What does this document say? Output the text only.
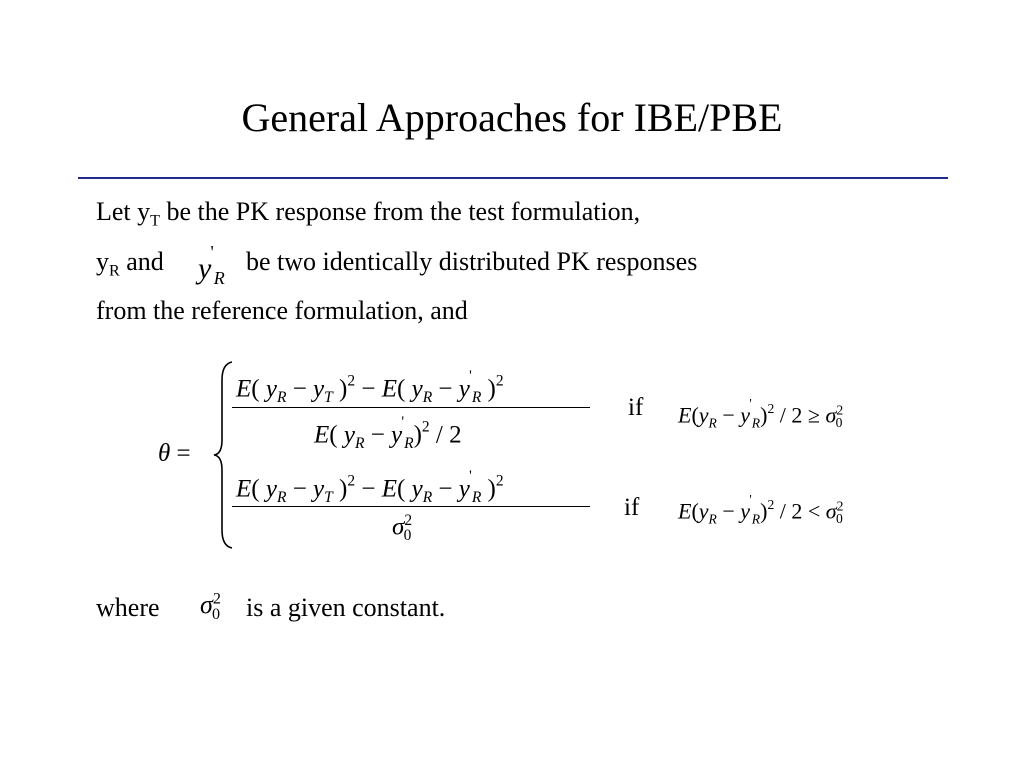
General Approaches for IBE/PBE
Let $y_T$ be the PK response from the test formulation,
$y_R$ and $y'_R$
be two identically distributed PK responses
from the reference formulation, and
θ =
E( $y_R - y_T$ )$^2$ − E( $y_R - y'_R$ )$^2$
E( $y_R - y'_R)^2 / 2$
if $E(y_R - y'_R)^2 / 2 \ge \sigma^2_0$
E( $y_R - y_T$ )$^2$ − E( $y_R - y'_R$ )$^2$
$\sigma^2_0$
if $E(y_R - y'_R)^2 / 2 < \sigma^2_0$
where $\sigma^2_0$ is a given constant.
